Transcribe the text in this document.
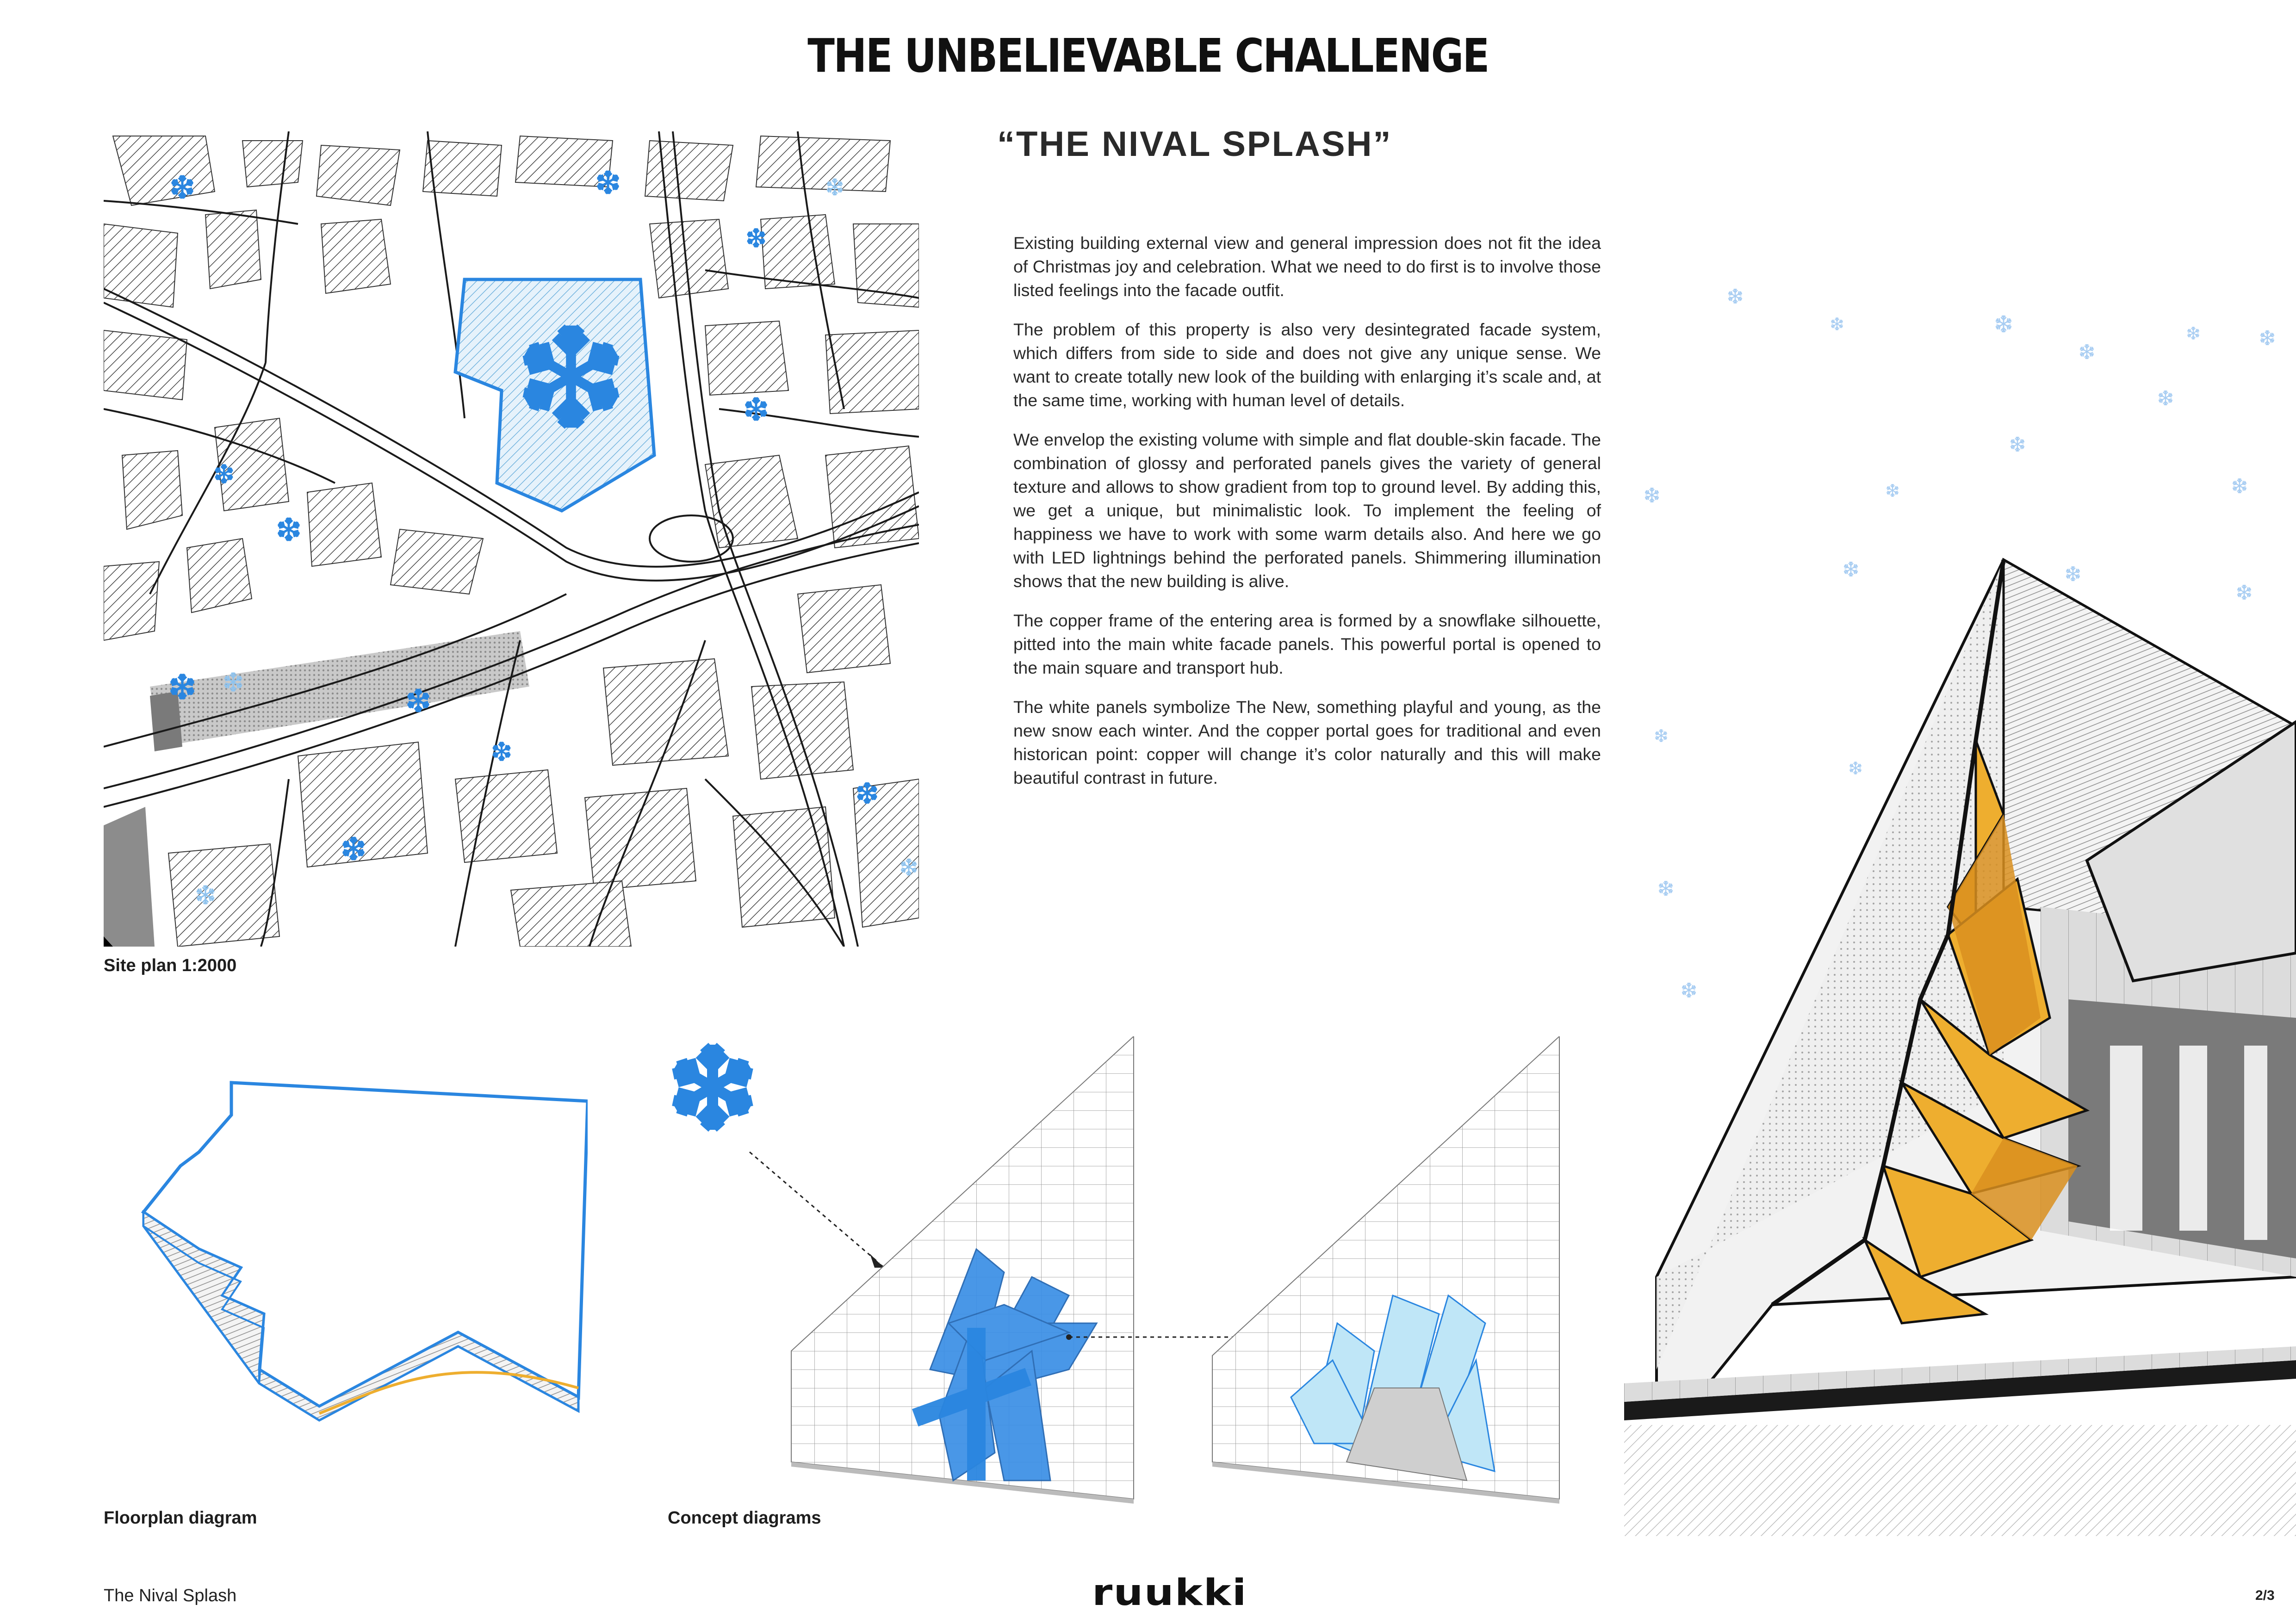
THE UNBELIEVABLE CHALLENGE
“THE NIVAL SPLASH”

Existing building external view and general impression does not fit the idea of Christmas joy and celebration. What we need to do first is to involve those listed feelings into the facade outfit.

The problem of this property is also very desintegrated facade system, which differs from side to side and does not give any unique sense. We want to create totally new look of the building with enlarging it’s scale and, at the same time, working with human level of details.

We envelop the existing volume with simple and flat double-skin facade. The combination of glossy and perforated panels gives the variety of general texture and allows to show gradient from top to ground level. By adding this, we get a unique, but minimalistic look. To implement the feeling of happiness we have to work with some warm details also. And here we go with LED lightnings behind the perforated panels. Shimmering illumination shows that the new building is alive.

The copper frame of the entering area is formed by a snowflake silhouette, pitted into the main white facade panels. This powerful portal is opened to the main square and transport hub.

The white panels symbolize The New, something playful and young, as the new snow each winter. And the copper portal goes for traditional and even historican point: copper will change it’s color naturally and this will make beautiful contrast in future.

Site plan 1:2000
Floorplan diagram	Concept diagrams
The Nival Splash	ruukki	2/3
